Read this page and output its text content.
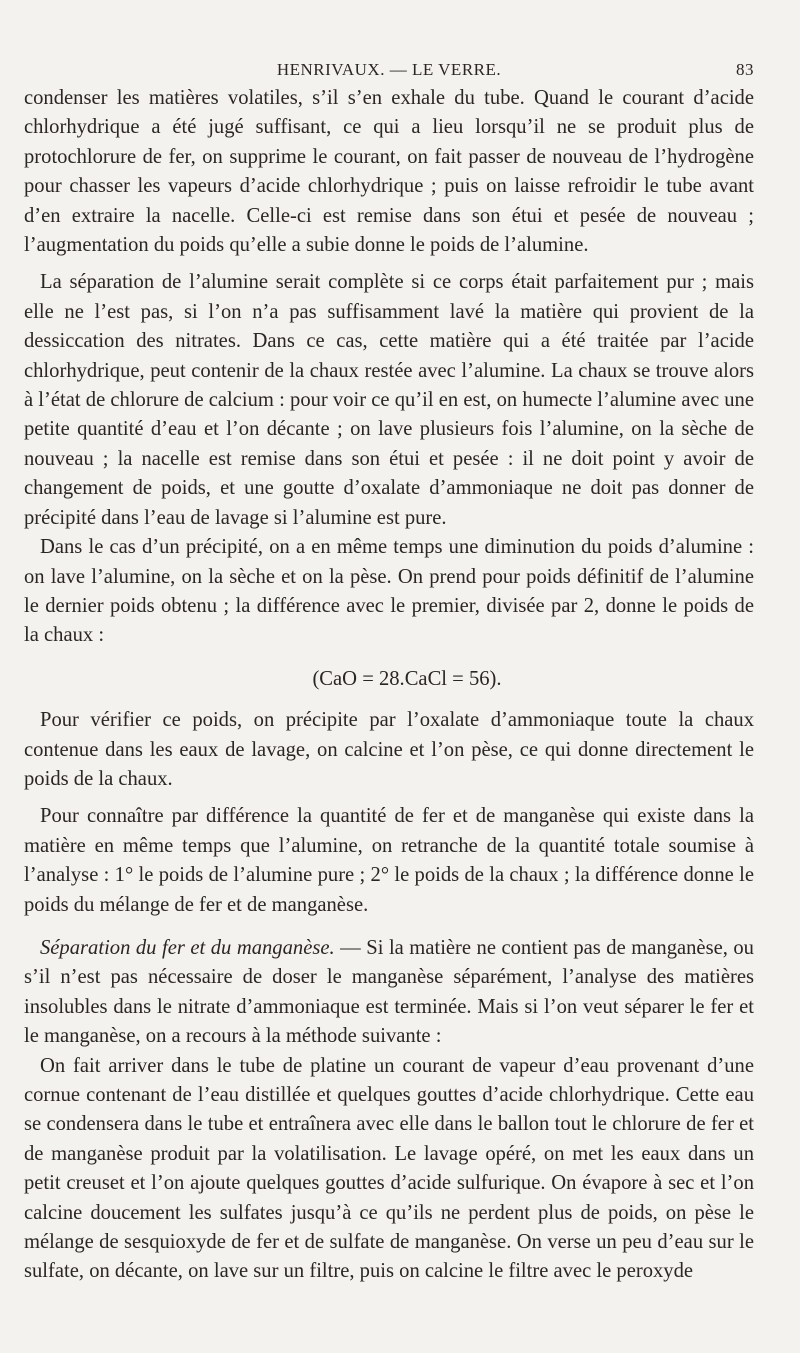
HENRIVAUX. — LE VERRE.	83

condenser les matières volatiles, s’il s’en exhale du tube. Quand le courant d’acide chlorhydrique a été jugé suffisant, ce qui a lieu lorsqu’il ne se produit plus de protochlorure de fer, on supprime le courant, on fait passer de nouveau de l’hydrogène pour chasser les vapeurs d’acide chlorhydrique ; puis on laisse refroidir le tube avant d’en extraire la nacelle. Celle-ci est remise dans son étui et pesée de nouveau ; l’augmentation du poids qu’elle a subie donne le poids de l’alumine.

La séparation de l’alumine serait complète si ce corps était parfaitement pur ; mais elle ne l’est pas, si l’on n’a pas suffisamment lavé la matière qui provient de la dessiccation des nitrates. Dans ce cas, cette matière qui a été traitée par l’acide chlorhydrique, peut contenir de la chaux restée avec l’alumine. La chaux se trouve alors à l’état de chlorure de calcium : pour voir ce qu’il en est, on humecte l’alumine avec une petite quantité d’eau et l’on décante ; on lave plusieurs fois l’alumine, on la sèche de nouveau ; la nacelle est remise dans son étui et pesée : il ne doit point y avoir de changement de poids, et une goutte d’oxalate d’ammoniaque ne doit pas donner de précipité dans l’eau de lavage si l’alumine est pure.

Dans le cas d’un précipité, on a en même temps une diminution du poids d’alumine : on lave l’alumine, on la sèche et on la pèse. On prend pour poids définitif de l’alumine le dernier poids obtenu ; la différence avec le premier, divisée par 2, donne le poids de la chaux :

(CaO = 28.CaCl = 56).

Pour vérifier ce poids, on précipite par l’oxalate d’ammoniaque toute la chaux contenue dans les eaux de lavage, on calcine et l’on pèse, ce qui donne directement le poids de la chaux.

Pour connaître par différence la quantité de fer et de manganèse qui existe dans la matière en même temps que l’alumine, on retranche de la quantité totale soumise à l’analyse : 1° le poids de l’alumine pure ; 2° le poids de la chaux ; la différence donne le poids du mélange de fer et de manganèse.

Séparation du fer et du manganèse. — Si la matière ne contient pas de manganèse, ou s’il n’est pas nécessaire de doser le manganèse séparément, l’analyse des matières insolubles dans le nitrate d’ammoniaque est terminée. Mais si l’on veut séparer le fer et le manganèse, on a recours à la méthode suivante :

On fait arriver dans le tube de platine un courant de vapeur d’eau provenant d’une cornue contenant de l’eau distillée et quelques gouttes d’acide chlorhydrique. Cette eau se condensera dans le tube et entraînera avec elle dans le ballon tout le chlorure de fer et de manganèse produit par la volatilisation. Le lavage opéré, on met les eaux dans un petit creuset et l’on ajoute quelques gouttes d’acide sulfurique. On évapore à sec et l’on calcine doucement les sulfates jusqu’à ce qu’ils ne perdent plus de poids, on pèse le mélange de sesquioxyde de fer et de sulfate de manganèse. On verse un peu d’eau sur le sulfate, on décante, on lave sur un filtre, puis on calcine le filtre avec le peroxyde
